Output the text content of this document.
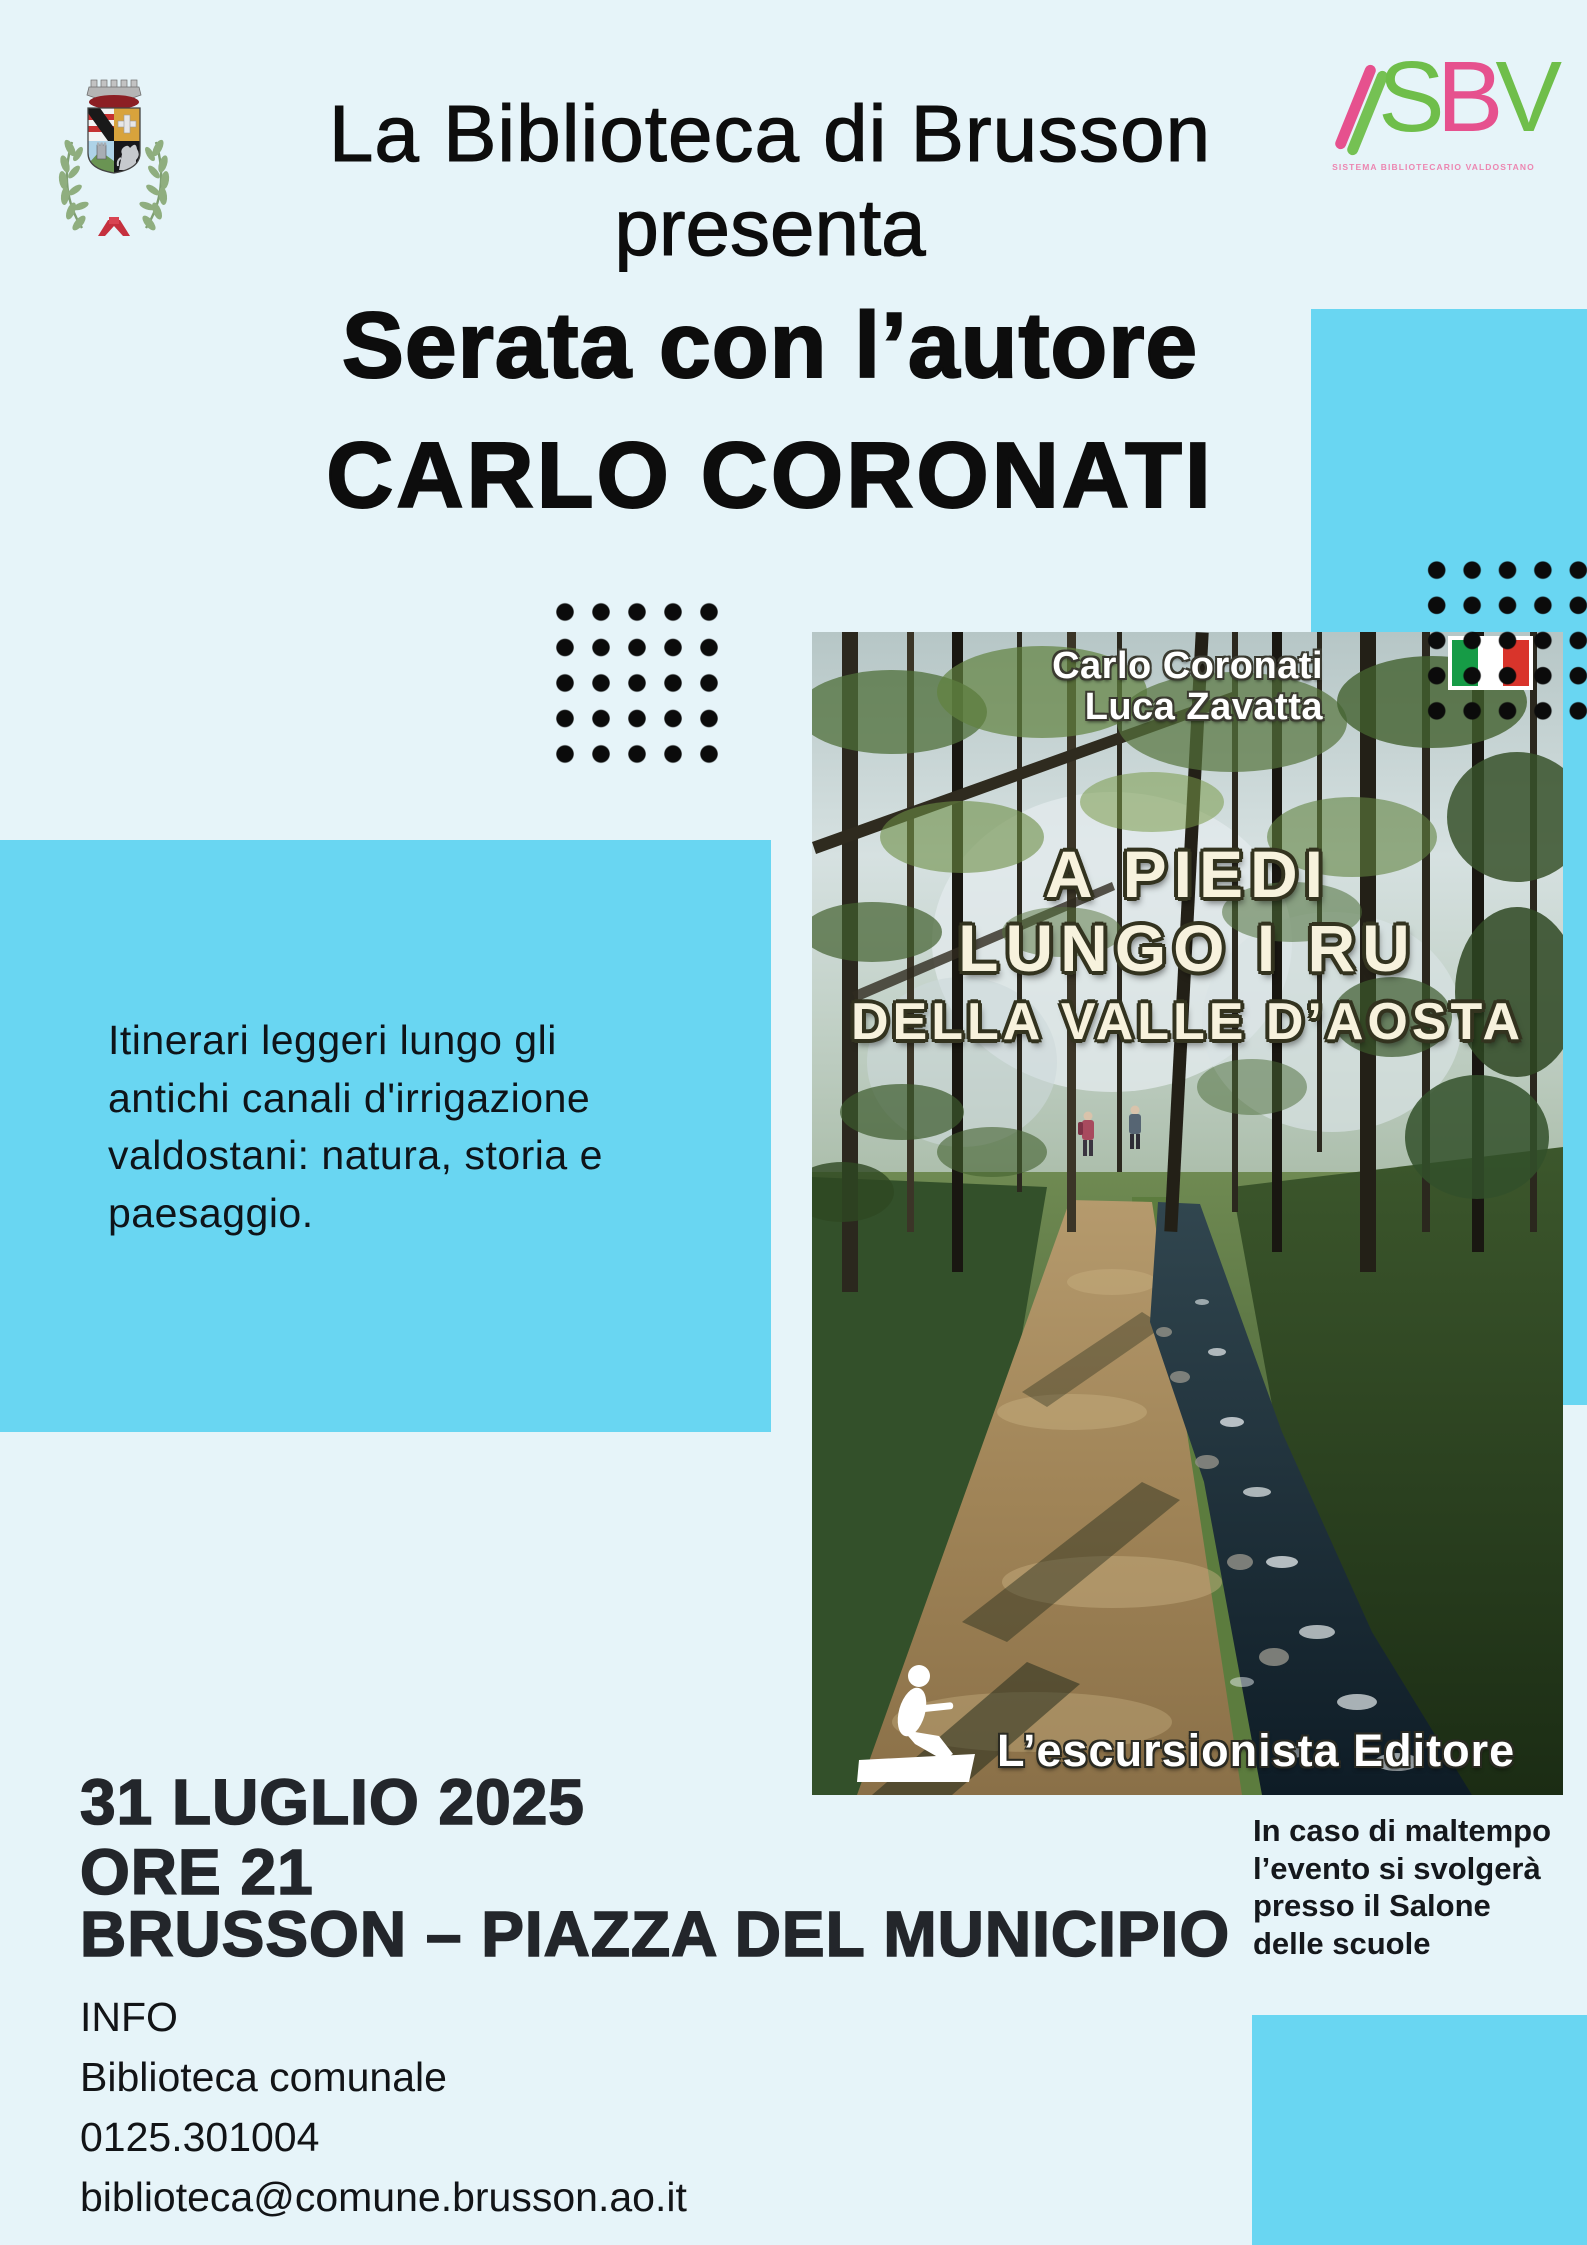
La Biblioteca di Brusson
presenta
Serata con l’autore
CARLO CORONATI
SBV
SISTEMA BIBLIOTECARIO VALDOSTANO
Itinerari leggeri lungo gli
antichi canali d'irrigazione
valdostani: natura, storia e
paesaggio.
Carlo Coronati
Luca Zavatta
A PIEDI
LUNGO I RU
DELLA VALLE D’AOSTA
L’escursionista Editore
31 LUGLIO 2025
ORE 21
BRUSSON – PIAZZA DEL MUNICIPIO
INFO
Biblioteca comunale
0125.301004
biblioteca@comune.brusson.ao.it
In caso di maltempo
l’evento si svolgerà
presso il Salone
delle scuole
